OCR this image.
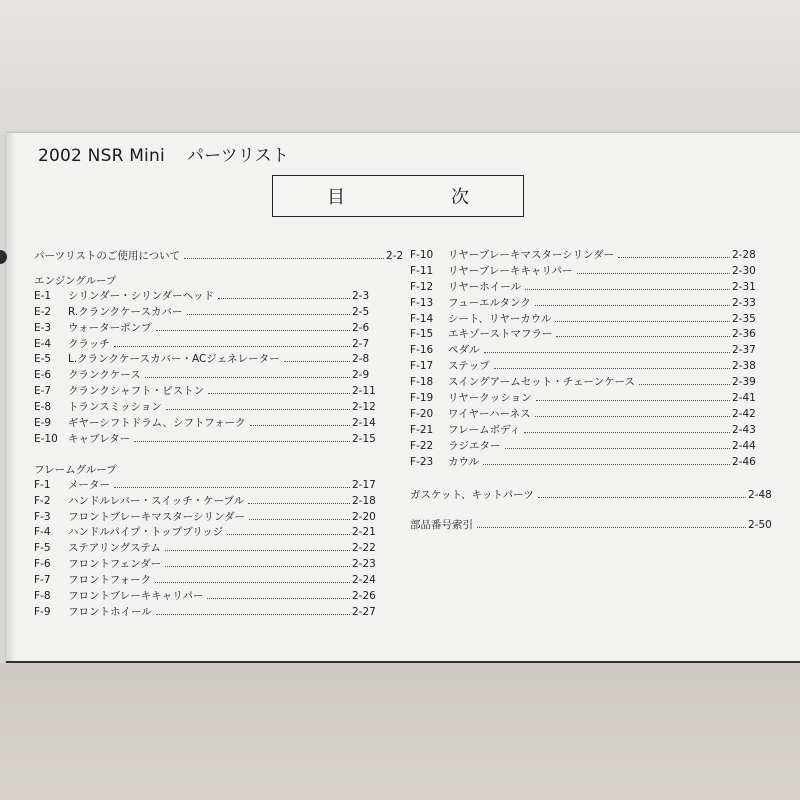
2002 NSR Mini パーツリスト
目　次
パーツリストのご使用について	2-2
エンジングループ
E-1 シリンダー・シリンダーヘッド	2-3
E-2 R.クランクケースカバー	2-5
E-3 ウォーターポンプ	2-6
E-4 クラッチ	2-7
E-5 L.クランクケースカバー・ACジェネレーター	2-8
E-6 クランクケース	2-9
E-7 クランクシャフト・ピストン	2-11
E-8 トランスミッション	2-12
E-9 ギヤーシフトドラム、シフトフォーク	2-14
E-10 キャブレター	2-15
フレームグループ
F-1 メーター	2-17
F-2 ハンドルレバー・スイッチ・ケーブル	2-18
F-3 フロントブレーキマスターシリンダー	2-20
F-4 ハンドルパイプ・トップブリッジ	2-21
F-5 ステアリングステム	2-22
F-6 フロントフェンダー	2-23
F-7 フロントフォーク	2-24
F-8 フロントブレーキキャリパー	2-26
F-9 フロントホイール	2-27
F-10 リヤーブレーキマスターシリンダー	2-28
F-11 リヤーブレーキキャリパー	2-30
F-12 リヤーホイール	2-31
F-13 フューエルタンク	2-33
F-14 シート、リヤーカウル	2-35
F-15 エキゾーストマフラー	2-36
F-16 ペダル	2-37
F-17 ステップ	2-38
F-18 スイングアームセット・チェーンケース	2-39
F-19 リヤークッション	2-41
F-20 ワイヤーハーネス	2-42
F-21 フレームボディ	2-43
F-22 ラジエター	2-44
F-23 カウル	2-46
ガスケット、キットパーツ	2-48
部品番号索引	2-50
